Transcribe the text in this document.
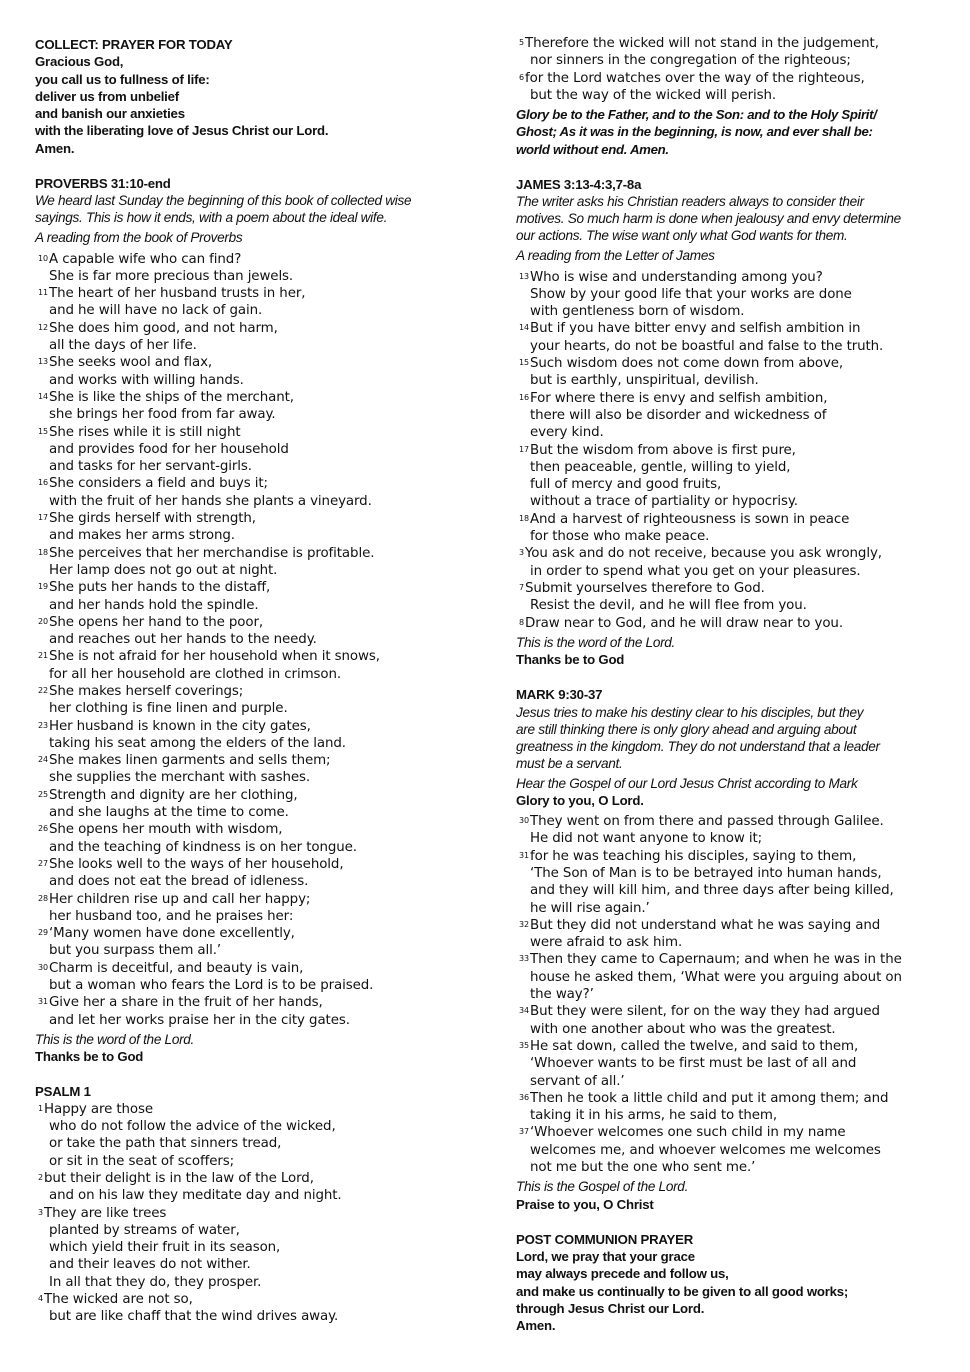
COLLECT: PRAYER FOR TODAY
Gracious God,
you call us to fullness of life:
deliver us from unbelief
and banish our anxieties
with the liberating love of Jesus Christ our Lord.
Amen.
PROVERBS 31:10-end
We heard last Sunday the beginning of this book of collected wise
sayings. This is how it ends, with a poem about the ideal wife.
A reading from the book of Proverbs
$^{10}$A capable wife who can find?
She is far more precious than jewels.
$^{11}$The heart of her husband trusts in her,
and he will have no lack of gain.
$^{12}$She does him good, and not harm,
all the days of her life.
$^{13}$She seeks wool and flax,
and works with willing hands.
$^{14}$She is like the ships of the merchant,
she brings her food from far away.
$^{15}$She rises while it is still night
and provides food for her household
and tasks for her servant-girls.
$^{16}$She considers a field and buys it;
with the fruit of her hands she plants a vineyard.
$^{17}$She girds herself with strength,
and makes her arms strong.
$^{18}$She perceives that her merchandise is profitable.
Her lamp does not go out at night.
$^{19}$She puts her hands to the distaff,
and her hands hold the spindle.
$^{20}$She opens her hand to the poor,
and reaches out her hands to the needy.
$^{21}$She is not afraid for her household when it snows,
for all her household are clothed in crimson.
$^{22}$She makes herself coverings;
her clothing is fine linen and purple.
$^{23}$Her husband is known in the city gates,
taking his seat among the elders of the land.
$^{24}$She makes linen garments and sells them;
she supplies the merchant with sashes.
$^{25}$Strength and dignity are her clothing,
and she laughs at the time to come.
$^{26}$She opens her mouth with wisdom,
and the teaching of kindness is on her tongue.
$^{27}$She looks well to the ways of her household,
and does not eat the bread of idleness.
$^{28}$Her children rise up and call her happy;
her husband too, and he praises her:
$^{29}$‘Many women have done excellently,
but you surpass them all.’
$^{30}$Charm is deceitful, and beauty is vain,
but a woman who fears the Lord is to be praised.
$^{31}$Give her a share in the fruit of her hands,
and let her works praise her in the city gates.
This is the word of the Lord.
Thanks be to God
PSALM 1
$^1$Happy are those
who do not follow the advice of the wicked,
or take the path that sinners tread,
or sit in the seat of scoffers;
$^2$but their delight is in the law of the Lord,
and on his law they meditate day and night.
$^3$They are like trees
planted by streams of water,
which yield their fruit in its season,
and their leaves do not wither.
In all that they do, they prosper.
$^4$The wicked are not so,
but are like chaff that the wind drives away.
$^5$Therefore the wicked will not stand in the judgement,
nor sinners in the congregation of the righteous;
$^6$for the Lord watches over the way of the righteous,
but the way of the wicked will perish.
Glory be to the Father, and to the Son: and to the Holy Spirit/
Ghost; As it was in the beginning, is now, and ever shall be:
world without end. Amen.
JAMES 3:13-4:3,7-8a
The writer asks his Christian readers always to consider their
motives. So much harm is done when jealousy and envy determine
our actions. The wise want only what God wants for them.
A reading from the Letter of James
$^{13}$Who is wise and understanding among you?
Show by your good life that your works are done
with gentleness born of wisdom.
$^{14}$But if you have bitter envy and selfish ambition in
your hearts, do not be boastful and false to the truth.
$^{15}$Such wisdom does not come down from above,
but is earthly, unspiritual, devilish.
$^{16}$For where there is envy and selfish ambition,
there will also be disorder and wickedness of
every kind.
$^{17}$But the wisdom from above is first pure,
then peaceable, gentle, willing to yield,
full of mercy and good fruits,
without a trace of partiality or hypocrisy.
$^{18}$And a harvest of righteousness is sown in peace
for those who make peace.
$^3$You ask and do not receive, because you ask wrongly,
in order to spend what you get on your pleasures.
$^7$Submit yourselves therefore to God.
Resist the devil, and he will flee from you.
$^8$Draw near to God, and he will draw near to you.
This is the word of the Lord.
Thanks be to God
MARK 9:30-37
Jesus tries to make his destiny clear to his disciples, but they
are still thinking there is only glory ahead and arguing about
greatness in the kingdom. They do not understand that a leader
must be a servant.
Hear the Gospel of our Lord Jesus Christ according to Mark
Glory to you, O Lord.
$^{30}$They went on from there and passed through Galilee.
He did not want anyone to know it;
$^{31}$for he was teaching his disciples, saying to them,
‘The Son of Man is to be betrayed into human hands,
and they will kill him, and three days after being killed,
he will rise again.’
$^{32}$But they did not understand what he was saying and
were afraid to ask him.
$^{33}$Then they came to Capernaum; and when he was in the
house he asked them, ‘What were you arguing about on
the way?’
$^{34}$But they were silent, for on the way they had argued
with one another about who was the greatest.
$^{35}$He sat down, called the twelve, and said to them,
‘Whoever wants to be first must be last of all and
servant of all.’
$^{36}$Then he took a little child and put it among them; and
taking it in his arms, he said to them,
$^{37}$‘Whoever welcomes one such child in my name
welcomes me, and whoever welcomes me welcomes
not me but the one who sent me.’
This is the Gospel of the Lord.
Praise to you, O Christ
POST COMMUNION PRAYER
Lord, we pray that your grace
may always precede and follow us,
and make us continually to be given to all good works;
through Jesus Christ our Lord.
Amen.
